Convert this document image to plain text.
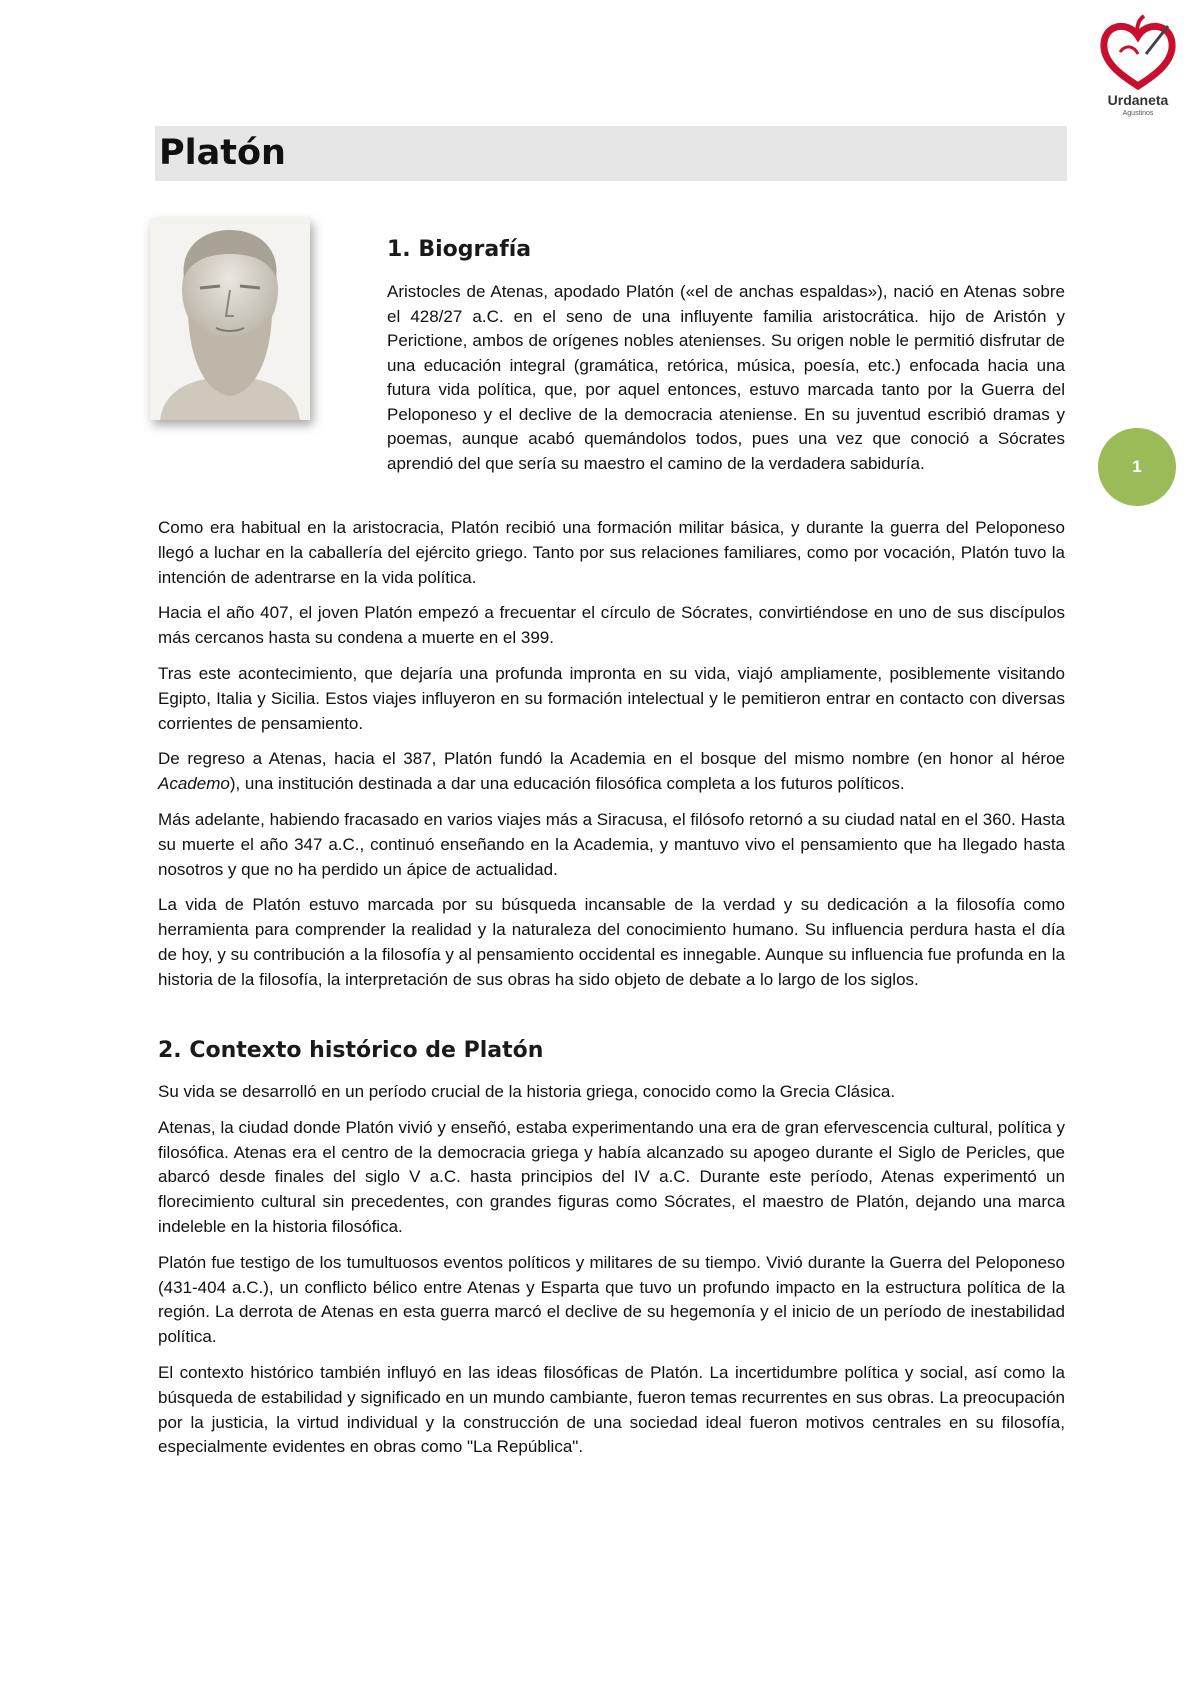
Urdaneta
Agustinos
1
Platón
1. Biografía

Aristocles de Atenas, apodado Platón («el de anchas espaldas»), nació en Atenas sobre el 428/27 a.C. en el seno de una influyente familia aristocrática. hijo de Aristón y Perictione, ambos de orígenes nobles atenienses. Su origen noble le permitió disfrutar de una educación integral (gramática, retórica, música, poesía, etc.) enfocada hacia una futura vida política, que, por aquel entonces, estuvo marcada tanto por la Guerra del Peloponeso y el declive de la democracia ateniense. En su juventud escribió dramas y poemas, aunque acabó quemándolos todos, pues una vez que conoció a Sócrates aprendió del que sería su maestro el camino de la verdadera sabiduría.

Como era habitual en la aristocracia, Platón recibió una formación militar básica, y durante la guerra del Peloponeso llegó a luchar en la caballería del ejército griego. Tanto por sus relaciones familiares, como por vocación, Platón tuvo la intención de adentrarse en la vida política.

Hacia el año 407, el joven Platón empezó a frecuentar el círculo de Sócrates, convirtiéndose en uno de sus discípulos más cercanos hasta su condena a muerte en el 399.

Tras este acontecimiento, que dejaría una profunda impronta en su vida, viajó ampliamente, posiblemente visitando Egipto, Italia y Sicilia. Estos viajes influyeron en su formación intelectual y le pemitieron entrar en contacto con diversas corrientes de pensamiento.

De regreso a Atenas, hacia el 387, Platón fundó la Academia en el bosque del mismo nombre (en honor al héroe Academo), una institución destinada a dar una educación filosófica completa a los futuros políticos.

Más adelante, habiendo fracasado en varios viajes más a Siracusa, el filósofo retornó a su ciudad natal en el 360. Hasta su muerte el año 347 a.C., continuó enseñando en la Academia, y mantuvo vivo el pensamiento que ha llegado hasta nosotros y que no ha perdido un ápice de actualidad.

La vida de Platón estuvo marcada por su búsqueda incansable de la verdad y su dedicación a la filosofía como herramienta para comprender la realidad y la naturaleza del conocimiento humano. Su influencia perdura hasta el día de hoy, y su contribución a la filosofía y al pensamiento occidental es innegable. Aunque su influencia fue profunda en la historia de la filosofía, la interpretación de sus obras ha sido objeto de debate a lo largo de los siglos.

2. Contexto histórico de Platón

Su vida se desarrolló en un período crucial de la historia griega, conocido como la Grecia Clásica.

Atenas, la ciudad donde Platón vivió y enseñó, estaba experimentando una era de gran efervescencia cultural, política y filosófica. Atenas era el centro de la democracia griega y había alcanzado su apogeo durante el Siglo de Pericles, que abarcó desde finales del siglo V a.C. hasta principios del IV a.C. Durante este período, Atenas experimentó un florecimiento cultural sin precedentes, con grandes figuras como Sócrates, el maestro de Platón, dejando una marca indeleble en la historia filosófica.

Platón fue testigo de los tumultuosos eventos políticos y militares de su tiempo. Vivió durante la Guerra del Peloponeso (431-404 a.C.), un conflicto bélico entre Atenas y Esparta que tuvo un profundo impacto en la estructura política de la región. La derrota de Atenas en esta guerra marcó el declive de su hegemonía y el inicio de un período de inestabilidad política.

El contexto histórico también influyó en las ideas filosóficas de Platón. La incertidumbre política y social, así como la búsqueda de estabilidad y significado en un mundo cambiante, fueron temas recurrentes en sus obras. La preocupación por la justicia, la virtud individual y la construcción de una sociedad ideal fueron motivos centrales en su filosofía, especialmente evidentes en obras como "La República".
